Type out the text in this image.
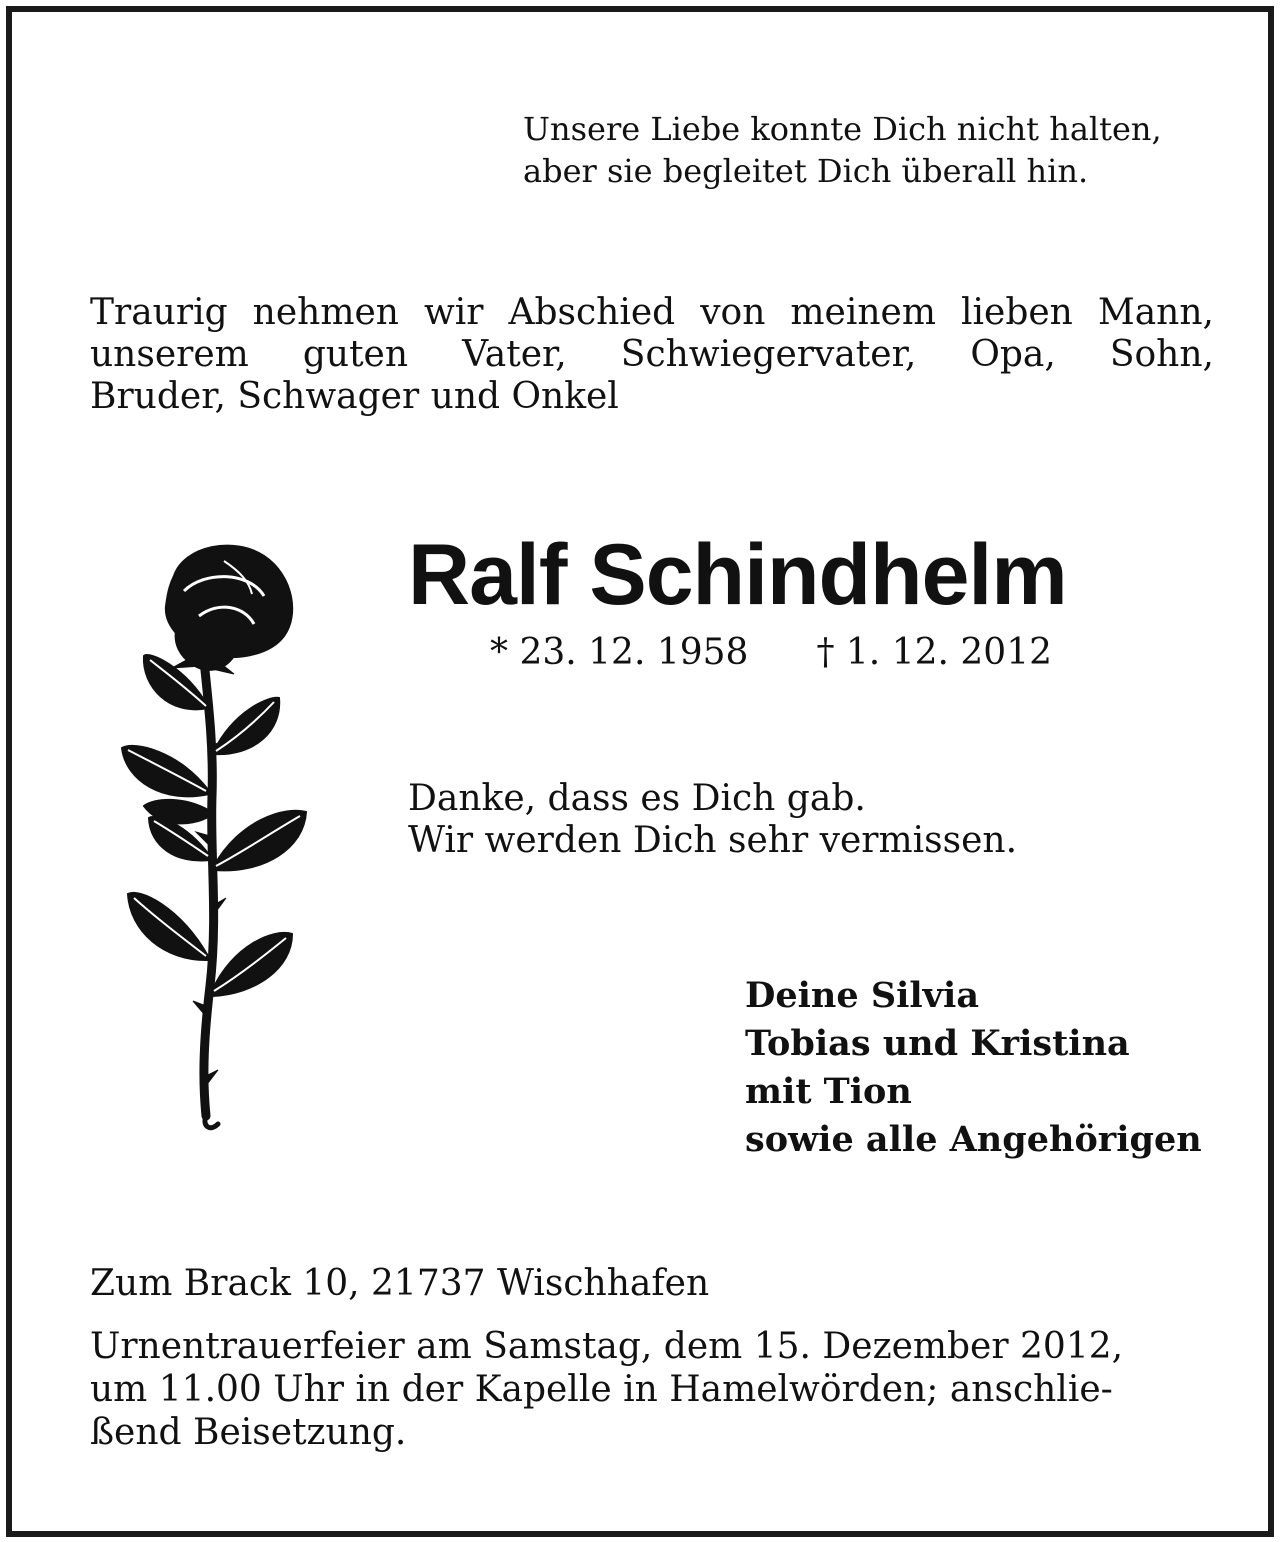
Unsere Liebe konnte Dich nicht halten,
aber sie begleitet Dich überall hin.

Traurig nehmen wir Abschied von meinem lieben Mann,
unserem guten Vater, Schwiegervater, Opa, Sohn,
Bruder, Schwager und Onkel

Ralf Schindhelm

* 23. 12. 1958 † 1. 12. 2012

Danke, dass es Dich gab.
Wir werden Dich sehr vermissen.

Deine Silvia
Tobias und Kristina
mit Tion
sowie alle Angehörigen

Zum Brack 10, 21737 Wischhafen

Urnentrauerfeier am Samstag, dem 15. Dezember 2012,
um 11.00 Uhr in der Kapelle in Hamelwörden; anschlie-
ßend Beisetzung.
